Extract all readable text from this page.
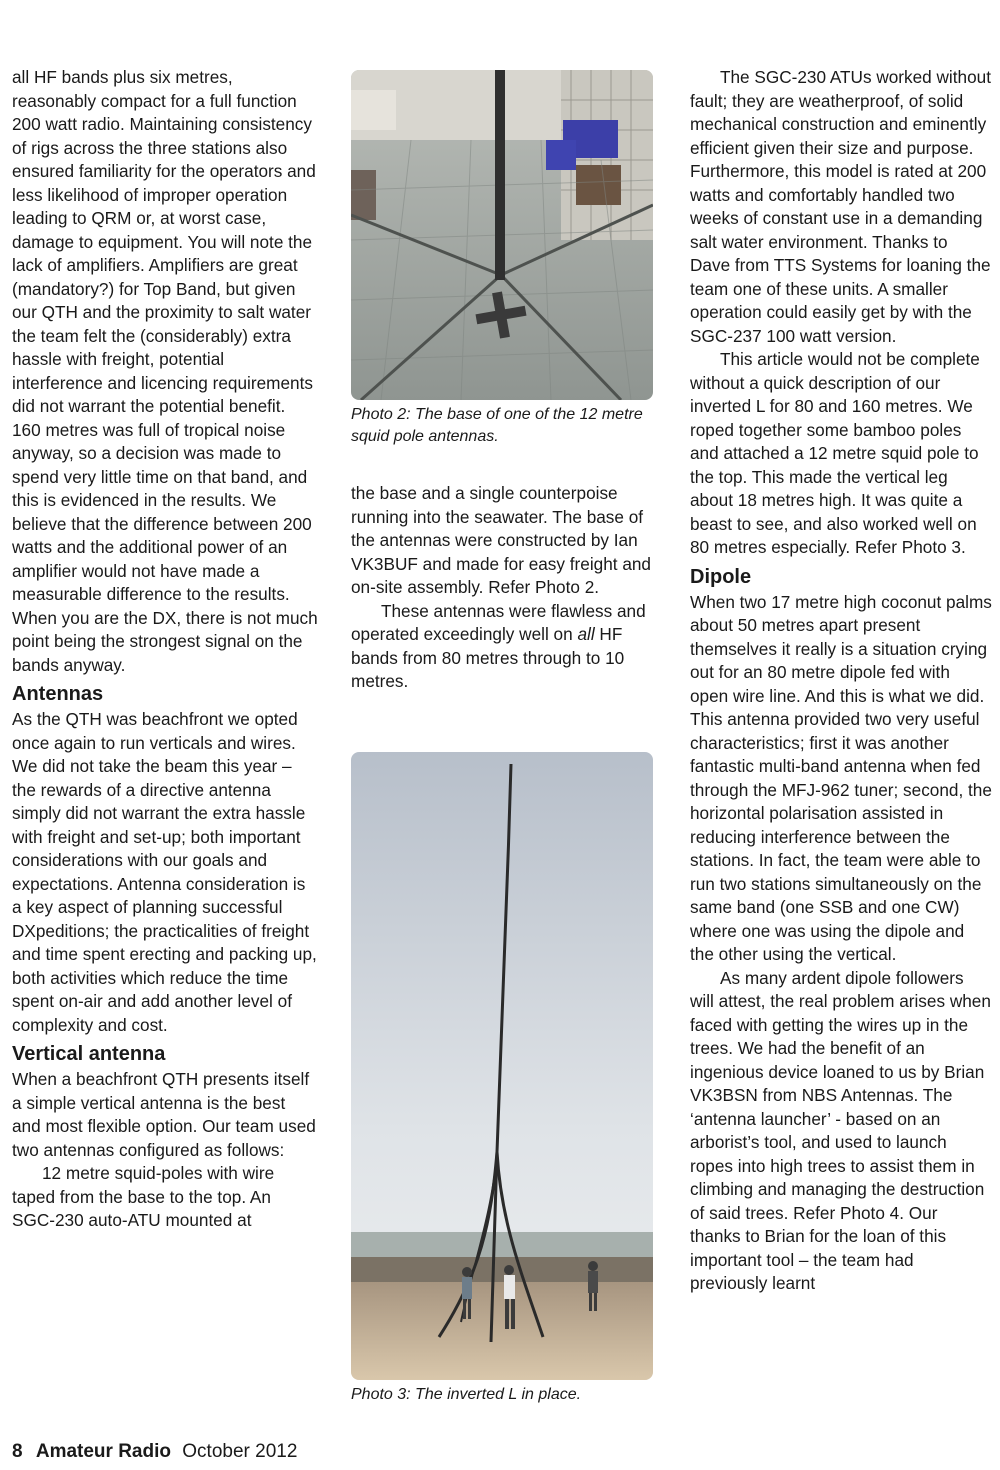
all HF bands plus six metres, reasonably compact for a full function 200 watt radio. Maintaining consistency of rigs across the three stations also ensured familiarity for the operators and less likelihood of improper operation leading to QRM or, at worst case, damage to equipment. You will note the lack of amplifiers. Amplifiers are great (mandatory?) for Top Band, but given our QTH and the proximity to salt water the team felt the (considerably) extra hassle with freight, potential interference and licencing requirements did not warrant the potential benefit. 160 metres was full of tropical noise anyway, so a decision was made to spend very little time on that band, and this is evidenced in the results. We believe that the difference between 200 watts and the additional power of an amplifier would not have made a measurable difference to the results. When you are the DX, there is not much point being the strongest signal on the bands anyway.

Antennas

As the QTH was beachfront we opted once again to run verticals and wires. We did not take the beam this year – the rewards of a directive antenna simply did not warrant the extra hassle with freight and set-up; both important considerations with our goals and expectations. Antenna consideration is a key aspect of planning successful DXpeditions; the practicalities of freight and time spent erecting and packing up, both activities which reduce the time spent on-air and add another level of complexity and cost.

Vertical antenna

When a beachfront QTH presents itself a simple vertical antenna is the best and most flexible option. Our team used two antennas configured as follows:

12 metre squid-poles with wire taped from the base to the top. An SGC-230 auto-ATU mounted at

Photo 2: The base of one of the 12 metre squid pole antennas.

the base and a single counterpoise running into the seawater. The base of the antennas were constructed by Ian VK3BUF and made for easy freight and on-site assembly. Refer Photo 2.

These antennas were flawless and operated exceedingly well on all HF bands from 80 metres through to 10 metres.

Photo 3: The inverted L in place.

The SGC-230 ATUs worked without fault; they are weatherproof, of solid mechanical construction and eminently efficient given their size and purpose. Furthermore, this model is rated at 200 watts and comfortably handled two weeks of constant use in a demanding salt water environment. Thanks to Dave from TTS Systems for loaning the team one of these units. A smaller operation could easily get by with the SGC-237 100 watt version.

This article would not be complete without a quick description of our inverted L for 80 and 160 metres. We roped together some bamboo poles and attached a 12 metre squid pole to the top. This made the vertical leg about 18 metres high. It was quite a beast to see, and also worked well on 80 metres especially. Refer Photo 3.

Dipole

When two 17 metre high coconut palms about 50 metres apart present themselves it really is a situation crying out for an 80 metre dipole fed with open wire line. And this is what we did. This antenna provided two very useful characteristics; first it was another fantastic multi-band antenna when fed through the MFJ-962 tuner; second, the horizontal polarisation assisted in reducing interference between the stations. In fact, the team were able to run two stations simultaneously on the same band (one SSB and one CW) where one was using the dipole and the other using the vertical.

As many ardent dipole followers will attest, the real problem arises when faced with getting the wires up in the trees. We had the benefit of an ingenious device loaned to us by Brian VK3BSN from NBS Antennas. The ‘antenna launcher’ - based on an arborist’s tool, and used to launch ropes into high trees to assist them in climbing and managing the destruction of said trees. Refer Photo 4. Our thanks to Brian for the loan of this important tool – the team had previously learnt

8 Amateur Radio October 2012
